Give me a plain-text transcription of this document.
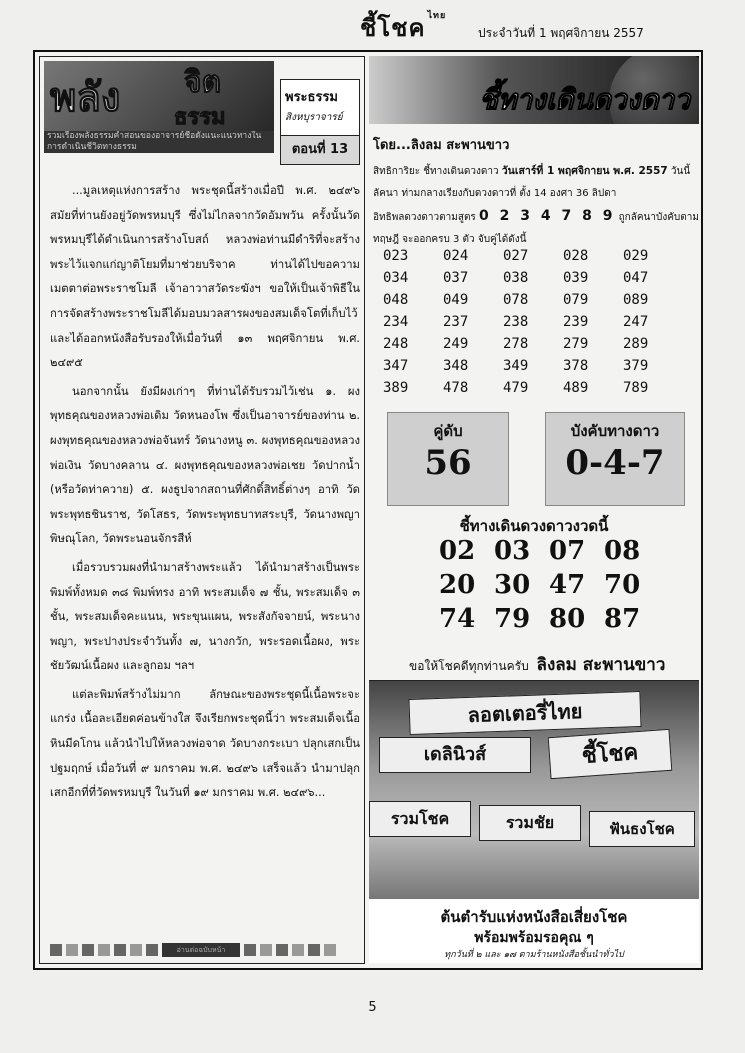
ชี้โชค $^{ไทย}$
ประจำวันที่ 1 พฤศจิกายน 2557
พลัง จิต
ธรรม
รวมเรื่องพลังธรรมคำสอนของอาจารย์ชื่อดังแนะแนวทางในการดำเนินชีวิตทางธรรม
พระธรรม
สิงหบุราจารย์
ตอนที่ 13

...มูลเหตุแห่งการสร้าง พระชุดนี้สร้างเมื่อปี พ.ศ. ๒๔๙๖ สมัยที่ท่านยังอยู่วัดพรหมบุรี ซึ่งไม่ไกลจากวัดอัมพวัน ครั้งนั้นวัดพรหมบุรีได้ดำเนินการสร้างโบสถ์ หลวงพ่อท่านมีดำริที่จะสร้างพระไว้แจกแก่ญาติโยมที่มาช่วยบริจาค ท่านได้ไปขอความเมตตาต่อพระราชโมลี เจ้าอาวาสวัดระฆังฯ ขอให้เป็นเจ้าพิธีในการจัดสร้างพระราชโมลีได้มอบมวลสารผงของสมเด็จโตที่เก็บไว้ และได้ออกหนังสือรับรองให้เมื่อวันที่ ๑๓ พฤศจิกายน พ.ศ. ๒๔๙๕

นอกจากนั้น ยังมีผงเก่าๆ ที่ท่านได้รับรวมไว้เช่น ๑. ผงพุทธคุณของหลวงพ่อเดิม วัดหนองโพ ซึ่งเป็นอาจารย์ของท่าน ๒. ผงพุทธคุณของหลวงพ่อจันทร์ วัดนางหนู ๓. ผงพุทธคุณของหลวงพ่อเงิน วัดบางคลาน ๔. ผงพุทธคุณของหลวงพ่อเชย วัดปากน้ำ (หรือวัดท่าควาย) ๕. ผงธูปจากสถานที่ศักดิ์สิทธิ์ต่างๆ อาทิ วัดพระพุทธชินราช, วัดโสธร, วัดพระพุทธบาทสระบุรี, วัดนางพญา พิษณุโลก, วัดพระนอนจักรสีห์

เมื่อรวบรวมผงที่นำมาสร้างพระแล้ว ได้นำมาสร้างเป็นพระพิมพ์ทั้งหมด ๓๘ พิมพ์ทรง อาทิ พระสมเด็จ ๗ ชั้น, พระสมเด็จ ๓ ชั้น, พระสมเด็จคะแนน, พระขุนแผน, พระสังกัจจายน์, พระนางพญา, พระปางประจำวันทั้ง ๗, นางกวัก, พระรอดเนื้อผง, พระชัยวัฒน์เนื้อผง และลูกอม ฯลฯ

แต่ละพิมพ์สร้างไม่มาก ลักษณะของพระชุดนี้เนื้อพระจะแกร่ง เนื้อละเอียดค่อนข้างใส จึงเรียกพระชุดนี้ว่า พระสมเด็จเนื้อหินมีดโกน แล้วนำไปให้หลวงพ่อจาด วัดบางกระเบา ปลุกเสกเป็นปฐมฤกษ์ เมื่อวันที่ ๙ มกราคม พ.ศ. ๒๔๙๖ เสร็จแล้ว นำมาปลุกเสกอีกที่ที่วัดพรหมบุรี ในวันที่ ๑๙ มกราคม พ.ศ. ๒๔๙๖...

อ่านต่อฉบับหน้า
ชี้ทางเดินดวงดาว
โดย...ลิงลม สะพานขาว
สิทธิการิยะ ชี้ทางเดินดวงดาว วันเสาร์ที่ 1 พฤศจิกายน พ.ศ. 2557 วันนี้
ลัคนา ท่ามกลางเรียงกับดวงดาวที่ ตั้ง 14 องศา 36 ลิปดา
อิทธิพลดวงดาวตามสูตร 0 2 3 4 7 8 9 ถูกลัคนาบังคับตาม
ทฤษฎี จะออกครบ 3 ตัว จับคู่ได้ดังนี้
023	024	027	028	029
034	037	038	039	047
048	049	078	079	089
234	237	238	239	247
248	249	278	279	289
347	348	349	378	379
389	478	479	489	789
คู่ดับ
56
บังคับทางดาว
0-4-7
ชี้ทางเดินดวงดาวงวดนี้
02 03 07 08
20 30 47 70
74 79 80 87
ขอให้โชคดีทุกท่านครับ ลิงลม สะพานขาว
ลอตเตอรี่ไทย
เดลินิวส์	ชี้โชค
รวมโชค	รวมชัย	ฟันธงโชค
ต้นตำรับแห่งหนังสือเสี่ยงโชค
พร้อมพร้อมรอคุณ ๆ
ทุกวันที่ ๒ และ ๑๗ ตามร้านหนังสือชั้นนำทั่วไป
5
